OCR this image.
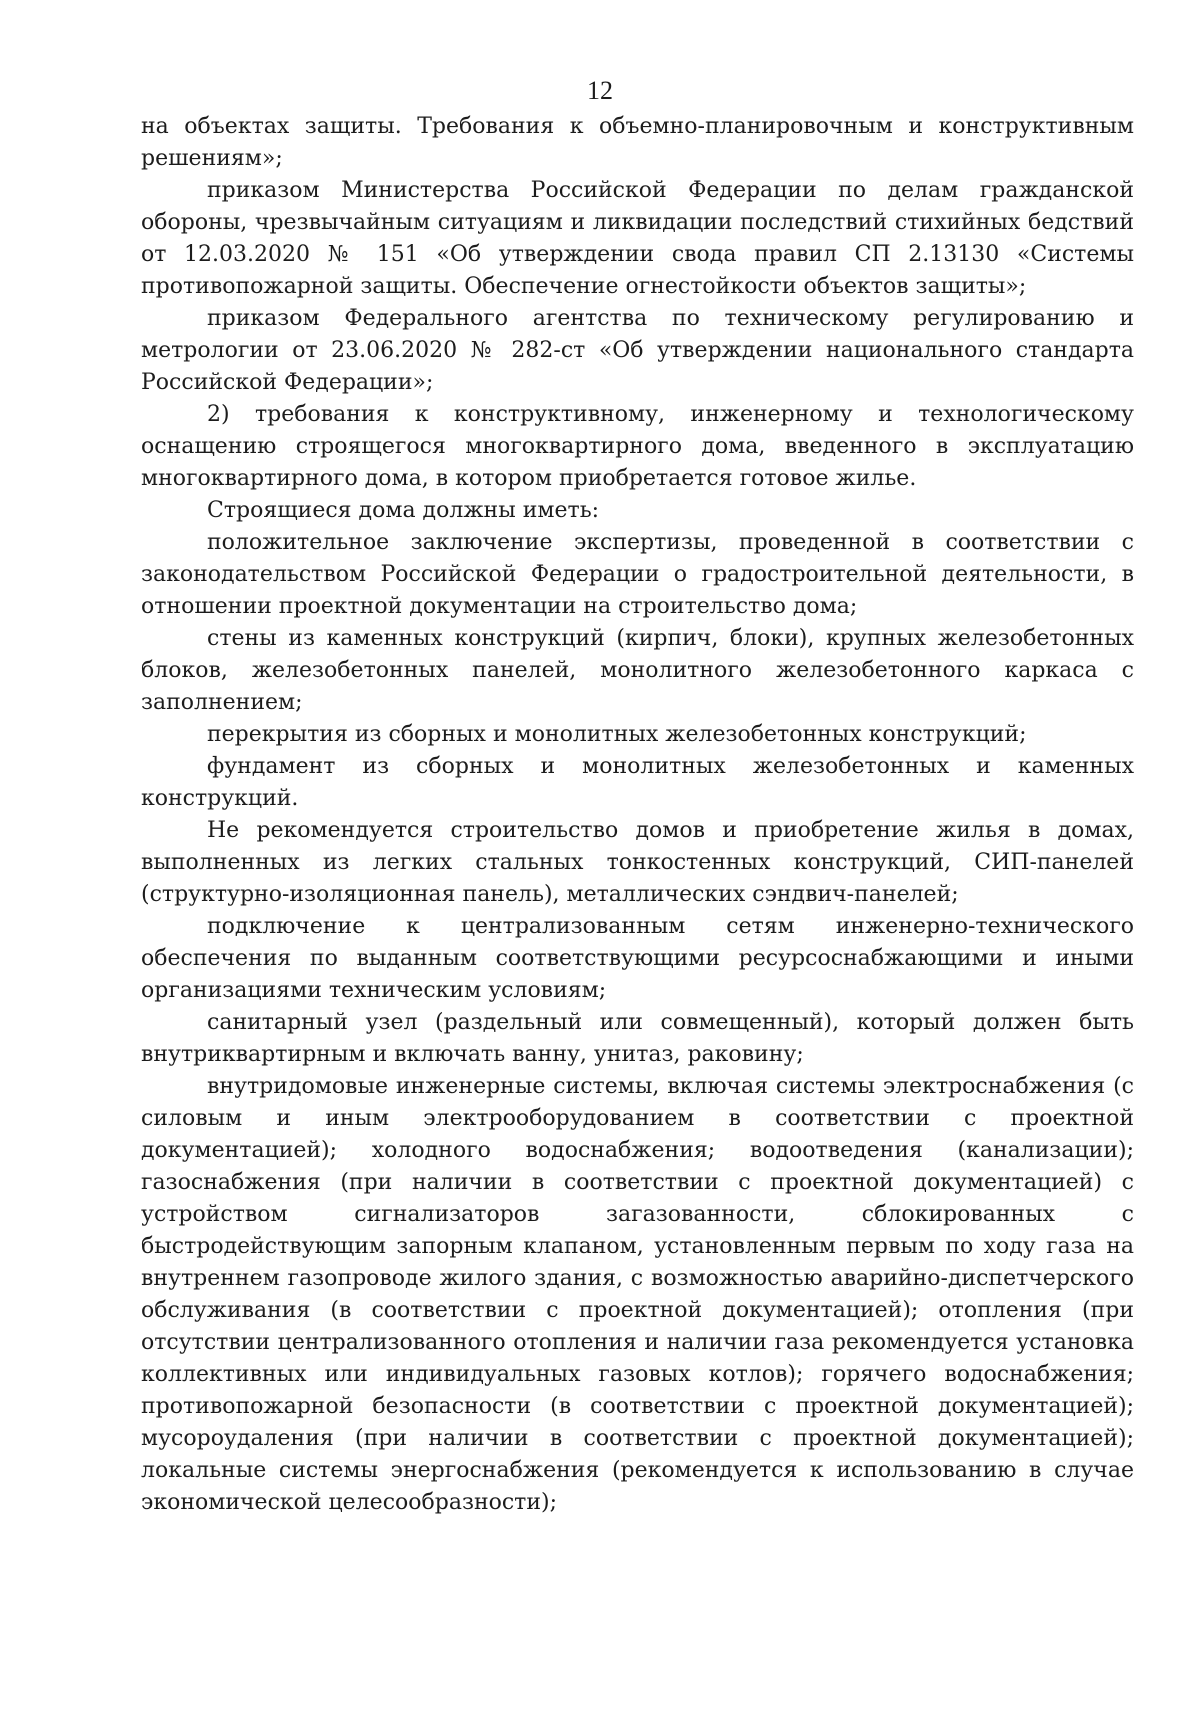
12

на объектах защиты. Требования к объемно-планировочным и конструктивным решениям»;

приказом Министерства Российской Федерации по делам гражданской обороны, чрезвычайным ситуациям и ликвидации последствий стихийных бедствий от 12.03.2020 № 151 «Об утверждении свода правил СП 2.13130 «Системы противопожарной защиты. Обеспечение огнестойкости объектов защиты»;

приказом Федерального агентства по техническому регулированию и метрологии от 23.06.2020 № 282-ст «Об утверждении национального стандарта Российской Федерации»;

2) требования к конструктивному, инженерному и технологическому оснащению строящегося многоквартирного дома, введенного в эксплуатацию многоквартирного дома, в котором приобретается готовое жилье.

Строящиеся дома должны иметь:

положительное заключение экспертизы, проведенной в соответствии с законодательством Российской Федерации о градостроительной деятельности, в отношении проектной документации на строительство дома;

стены из каменных конструкций (кирпич, блоки), крупных железобетонных блоков, железобетонных панелей, монолитного железобетонного каркаса с заполнением;

перекрытия из сборных и монолитных железобетонных конструкций;

фундамент из сборных и монолитных железобетонных и каменных конструкций.

Не рекомендуется строительство домов и приобретение жилья в домах, выполненных из легких стальных тонкостенных конструкций, СИП-панелей (структурно-изоляционная панель), металлических сэндвич-панелей;

подключение к централизованным сетям инженерно-технического обеспечения по выданным соответствующими ресурсоснабжающими и иными организациями техническим условиям;

санитарный узел (раздельный или совмещенный), который должен быть внутриквартирным и включать ванну, унитаз, раковину;

внутридомовые инженерные системы, включая системы электроснабжения (с силовым и иным электрооборудованием в соответствии с проектной документацией); холодного водоснабжения; водоотведения (канализации); газоснабжения (при наличии в соответствии с проектной документацией) с устройством сигнализаторов загазованности, сблокированных с быстродействующим запорным клапаном, установленным первым по ходу газа на внутреннем газопроводе жилого здания, с возможностью аварийно-диспетчерского обслуживания (в соответствии с проектной документацией); отопления (при отсутствии централизованного отопления и наличии газа рекомендуется установка коллективных или индивидуальных газовых котлов); горячего водоснабжения; противопожарной безопасности (в соответствии с проектной документацией); мусороудаления (при наличии в соответствии с проектной документацией); локальные системы энергоснабжения (рекомендуется к использованию в случае экономической целесообразности);
